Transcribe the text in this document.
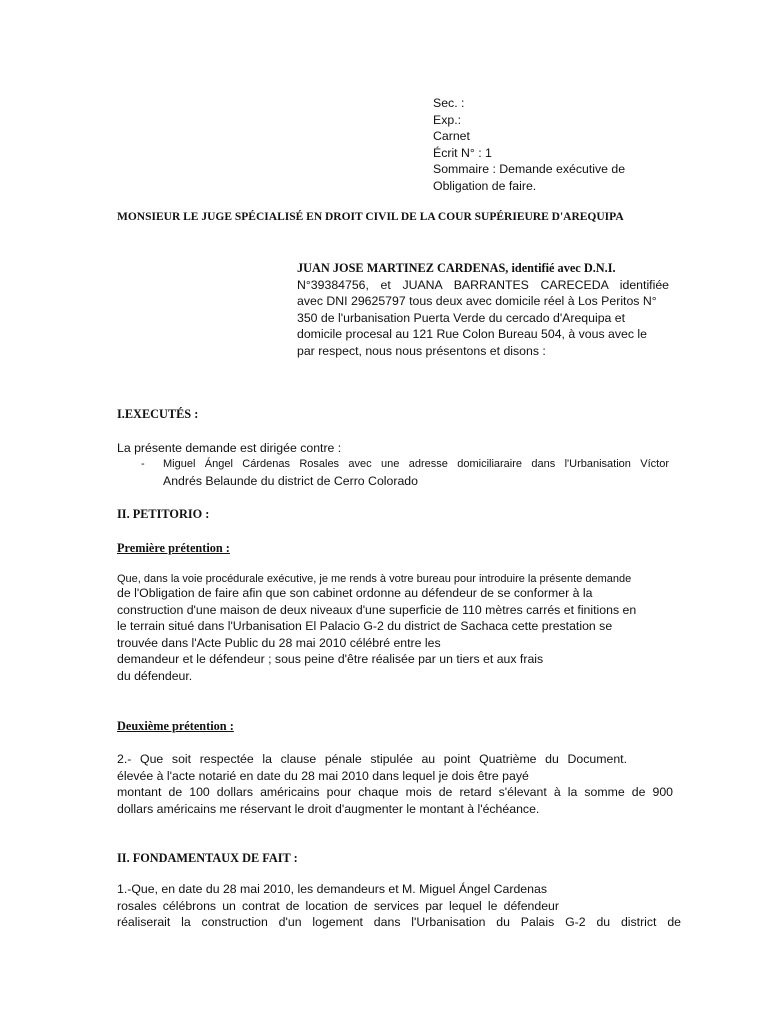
Sec. :
Exp.:
Carnet
Écrit N° : 1
Sommaire : Demande exécutive de
Obligation de faire.
MONSIEUR LE JUGE SPÉCIALISÉ EN DROIT CIVIL DE LA COUR SUPÉRIEURE D'AREQUIPA
JUAN JOSE MARTINEZ CARDENAS, identifié avec D.N.I.
N°39384756, et JUANA BARRANTES CARECEDA identifiée
avec DNI 29625797 tous deux avec domicile réel à Los Peritos N°
350 de l'urbanisation Puerta Verde du cercado d'Arequipa et
domicile procesal au 121 Rue Colon Bureau 504, à vous avec le
par respect, nous nous présentons et disons :
I.EXECUTÉS :
La présente demande est dirigée contre :
- Miguel Ángel Cárdenas Rosales avec une adresse domiciliaraire dans l'Urbanisation Víctor
Andrés Belaunde du district de Cerro Colorado
II. PETITORIO :
Première prétention :
Que, dans la voie procédurale exécutive, je me rends à votre bureau pour introduire la présente demande
de l'Obligation de faire afin que son cabinet ordonne au défendeur de se conformer à la
construction d'une maison de deux niveaux d'une superficie de 110 mètres carrés et finitions en
le terrain situé dans l'Urbanisation El Palacio G-2 du district de Sachaca cette prestation se
trouvée dans l'Acte Public du 28 mai 2010 célébré entre les
demandeur et le défendeur ; sous peine d'être réalisée par un tiers et aux frais
du défendeur.
Deuxième prétention :
2.- Que soit respectée la clause pénale stipulée au point Quatrième du Document.
élevée à l'acte notarié en date du 28 mai 2010 dans lequel je dois être payé
montant de 100 dollars américains pour chaque mois de retard s'élevant à la somme de 900
dollars américains me réservant le droit d'augmenter le montant à l'échéance.
II. FONDAMENTAUX DE FAIT :
1.-Que, en date du 28 mai 2010, les demandeurs et M. Miguel Ángel Cardenas
rosales célébrons un contrat de location de services par lequel le défendeur
réaliserait la construction d'un logement dans l'Urbanisation du Palais G-2 du district de
